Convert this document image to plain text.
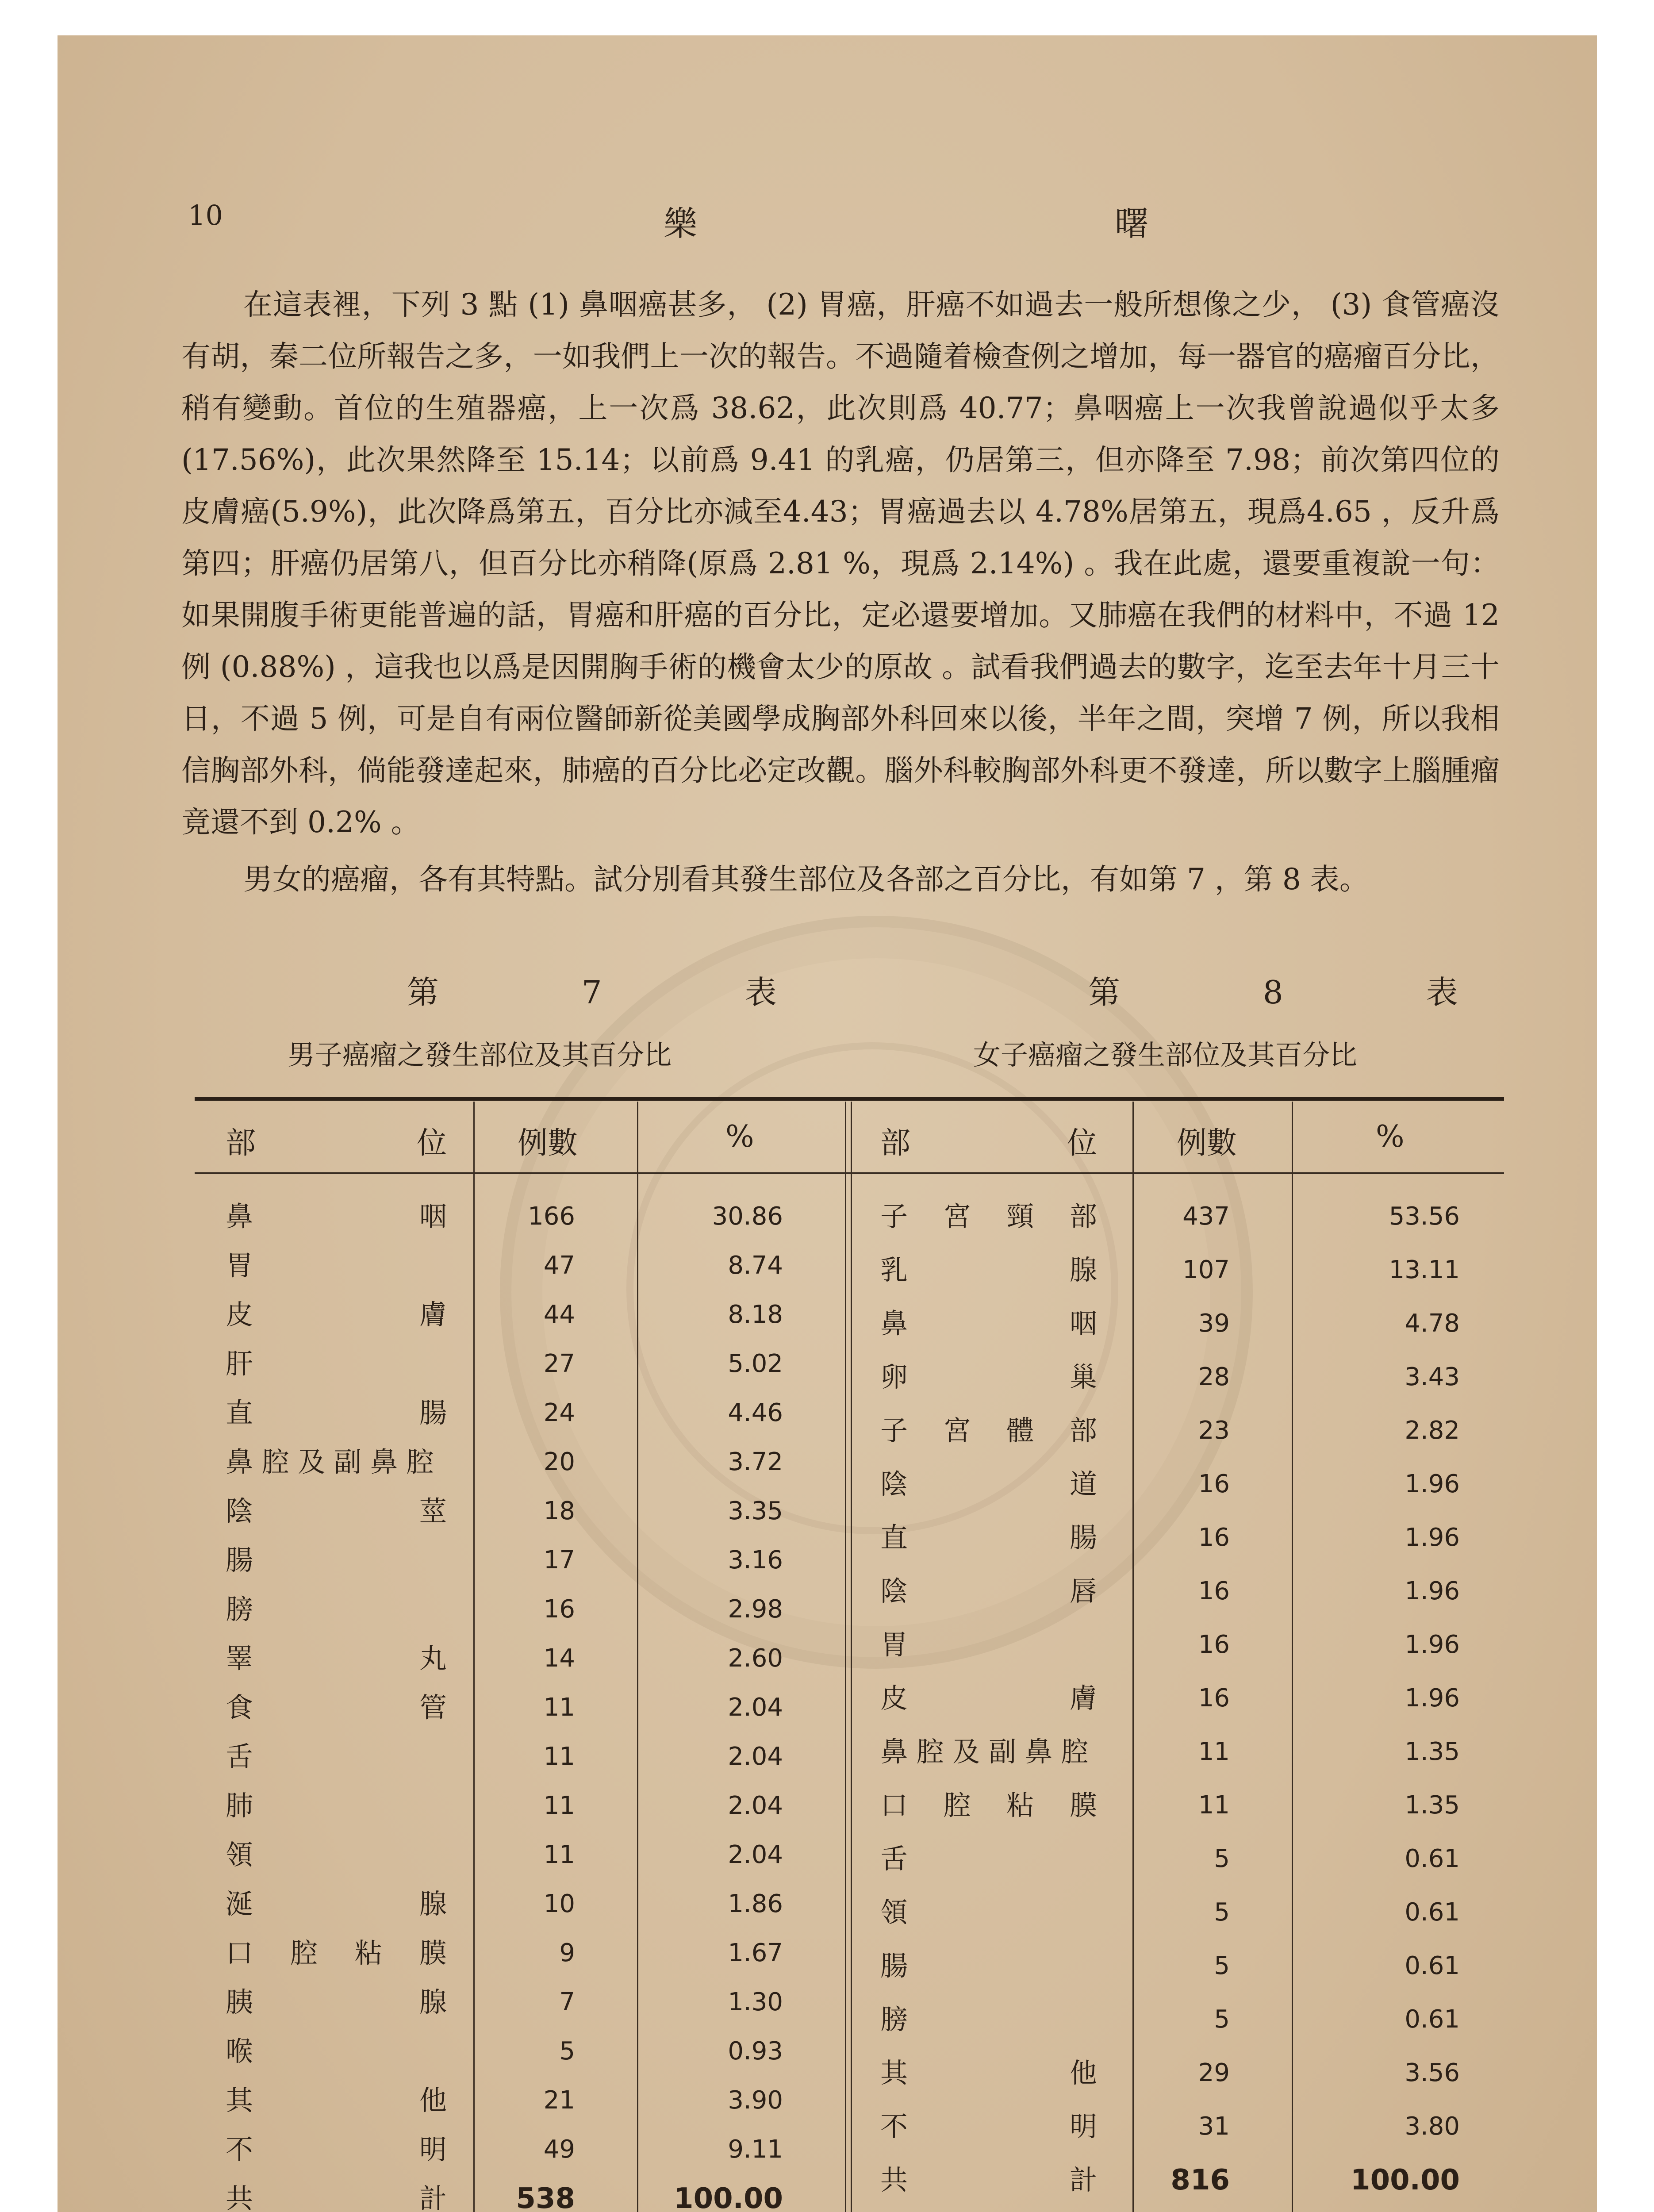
10	樂 曙

在這表裡，下列 3 點 (1) 鼻咽癌甚多， (2) 胃癌，肝癌不如過去一般所想像之少， (3) 食管癌沒有胡，秦二位所報告之多，一如我們上一次的報告。不過隨着檢查例之增加，每一器官的癌瘤百分比，稍有變動。首位的生殖器癌，上一次爲 38.62，此次則爲 40.77；鼻咽癌上一次我曾說過似乎太多 (17.56%)，此次果然降至 15.14；以前爲 9.41 的乳癌，仍居第三，但亦降至 7.98；前次第四位的皮膚癌(5.9%)，此次降爲第五，百分比亦減至4.43；胃癌過去以 4.78%居第五，現爲4.65 ，反升爲第四；肝癌仍居第八，但百分比亦稍降(原爲 2.81 %，現爲 2.14%) 。我在此處，還要重複說一句：如果開腹手術更能普遍的話，胃癌和肝癌的百分比，定必還要增加。又肺癌在我們的材料中，不過 12 例 (0.88%) ，這我也以爲是因開胸手術的機會太少的原故 。試看我們過去的數字，迄至去年十月三十日，不過 5 例，可是自有兩位醫師新從美國學成胸部外科回來以後，半年之間，突增 7 例，所以我相信胸部外科，倘能發達起來，肺癌的百分比必定改觀。腦外科較胸部外科更不發達，所以數字上腦腫瘤竟還不到 0.2% 。

男女的癌瘤，各有其特點。試分別看其發生部位及各部之百分比，有如第 7 ，第 8 表。

第 7 表	第 8 表
男子癌瘤之發生部位及其百分比	女子癌瘤之發生部位及其百分比
部	位 例數	%	部	位	例數	%
鼻	咽	166	30.86
胃	47	8.74
皮	膚	44	8.18
肝	27	5.02
直	腸	24	4.46
鼻 腔 及 副 鼻 腔	20	3.72
陰	莖	18	3.35
腸	17	3.16
膀	16	2.98
睪	丸	14	2.60
食	管	11	2.04
舌	11	2.04
肺	11	2.04
領	11	2.04
涎	腺	10	1.86
口 腔 粘 膜	9	1.67
胰	腺	7	1.30
喉	5	0.93
其	他	21	3.90
不	明	49	9.11
共	計	538	100.00
子 宮 頸 部	437	53.56
乳	腺	107	13.11
鼻	咽	39	4.78
卵	巢	28	3.43
子 宮 體 部	23	2.82
陰	道	16	1.96
直	腸	16	1.96
陰	唇	16	1.96
胃	16	1.96
皮	膚	16	1.96
鼻 腔 及 副 鼻 腔	11	1.35
口 腔 粘 膜	11	1.35
舌	5	0.61
領	5	0.61
腸	5	0.61
膀	5	0.61
其	他	29	3.56
不	明	31	3.80
共	計	816	100.00
